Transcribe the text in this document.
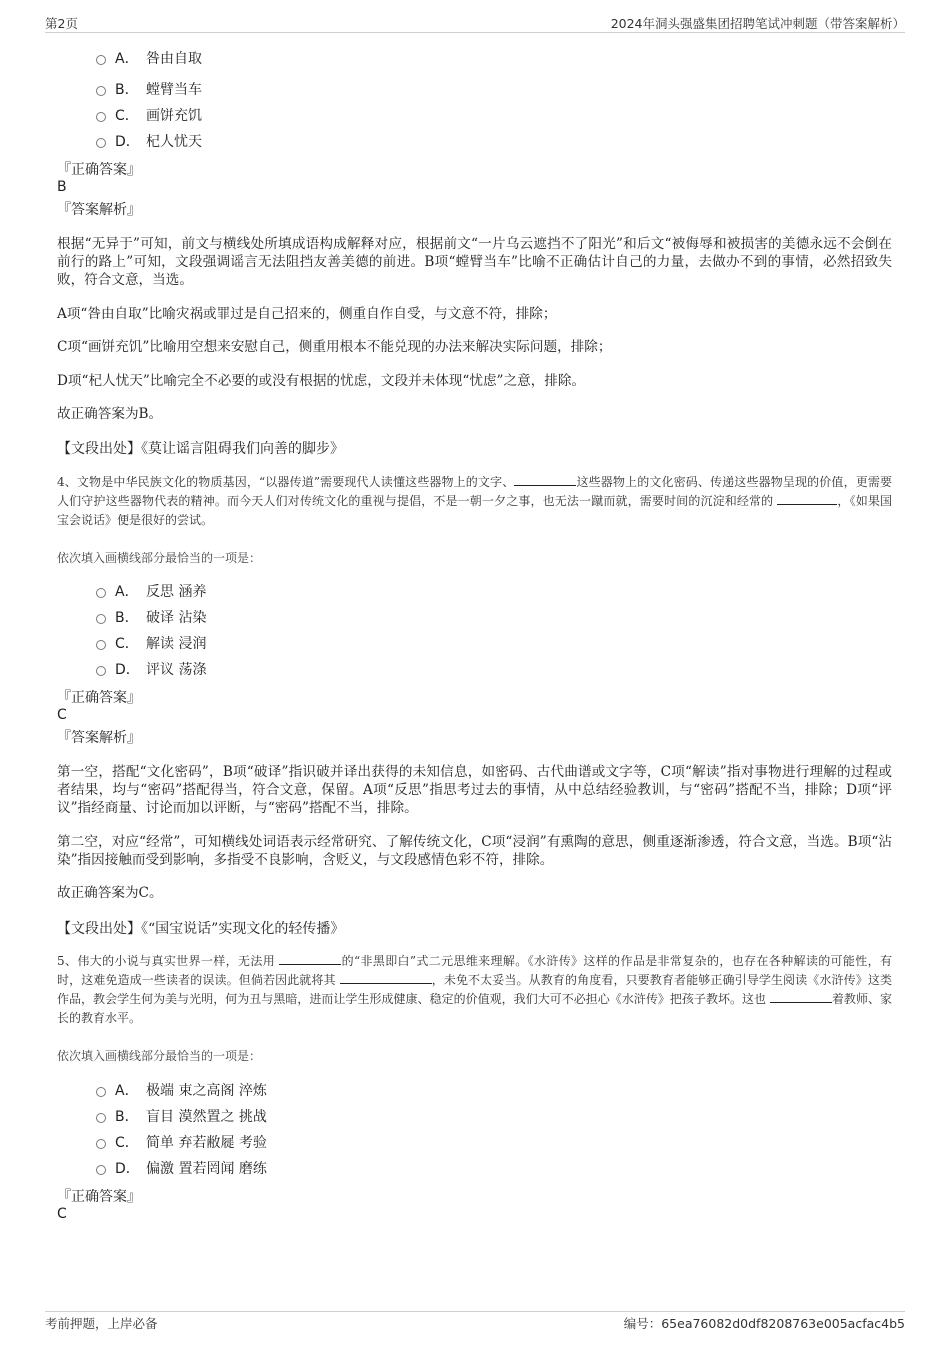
第2页	2024年洞头强盛集团招聘笔试冲刺题（带答案解析）
A． 咎由自取
B． 螳臂当车
C． 画饼充饥
D． 杞人忧天
『正确答案』
B
『答案解析』
根据“无异于”可知，前文与横线处所填成语构成解释对应，根据前文“一片乌云遮挡不了阳光”和后文“被侮辱和被损害的美德永远不会倒在前行的路上”可知，文段强调谣言无法阻挡友善美德的前进。B项“螳臂当车”比喻不正确估计自己的力量，去做办不到的事情，必然招致失败，符合文意，当选。
A项“咎由自取”比喻灾祸或罪过是自己招来的，侧重自作自受，与文意不符，排除；
C项“画饼充饥”比喻用空想来安慰自己，侧重用根本不能兑现的办法来解决实际问题，排除；
D项“杞人忧天”比喻完全不必要的或没有根据的忧虑，文段并未体现“忧虑”之意，排除。
故正确答案为B。
【文段出处】《莫让谣言阻碍我们向善的脚步》
4、文物是中华民族文化的物质基因，“以器传道”需要现代人读懂这些器物上的文字、	这些器物上的文化密码、传递这些器物呈现的价值，更需要人们守护这些器物代表的精神。而今天人们对传统文化的重视与提倡，不是一朝一夕之事，也无法一蹴而就，需要时间的沉淀和经常的	，《如果国宝会说话》便是很好的尝试。
依次填入画横线部分最恰当的一项是：
A． 反思 涵养
B． 破译 沾染
C． 解读 浸润
D． 评议 荡涤
『正确答案』
C
『答案解析』
第一空，搭配“文化密码”，B项“破译”指识破并译出获得的未知信息，如密码、古代曲谱或文字等，C项“解读”指对事物进行理解的过程或者结果，均与“密码”搭配得当，符合文意，保留。A项“反思”指思考过去的事情，从中总结经验教训，与“密码”搭配不当，排除；D项“评议”指经商量、讨论而加以评断，与“密码”搭配不当，排除。
第二空，对应“经常”，可知横线处词语表示经常研究、了解传统文化，C项“浸润”有熏陶的意思，侧重逐渐渗透，符合文意，当选。B项“沾染”指因接触而受到影响，多指受不良影响，含贬义，与文段感情色彩不符，排除。
故正确答案为C。
【文段出处】《“国宝说话”实现文化的轻传播》
5、伟大的小说与真实世界一样，无法用	的“非黑即白”式二元思维来理解。《水浒传》这样的作品是非常复杂的，也存在各种解读的可能性，有时，这难免造成一些读者的误读。但倘若因此就将其	，未免不太妥当。从教育的角度看，只要教育者能够正确引导学生阅读《水浒传》这类作品，教会学生何为美与光明，何为丑与黑暗，进而让学生形成健康、稳定的价值观，我们大可不必担心《水浒传》把孩子教坏。这也	着教师、家长的教育水平。
依次填入画横线部分最恰当的一项是：
A． 极端 束之高阁 淬炼
B． 盲目 漠然置之 挑战
C． 简单 弃若敝屣 考验
D． 偏激 置若罔闻 磨练
『正确答案』
C
考前押题，上岸必备	编号：65ea76082d0df8208763e005acfac4b5
